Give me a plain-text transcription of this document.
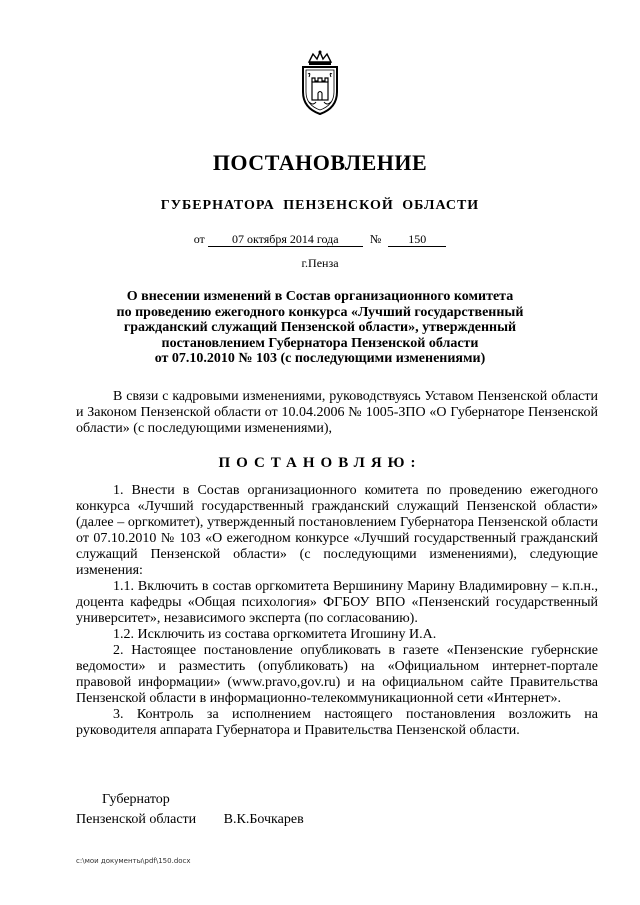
ПОСТАНОВЛЕНИЕ
ГУБЕРНАТОРА ПЕНЗЕНСКОЙ ОБЛАСТИ
от 07 октября 2014 года	№ 150
г.Пенза
О внесении изменений в Состав организационного комитета
по проведению ежегодного конкурса «Лучший государственный
гражданский служащий Пензенской области», утвержденный
постановлением Губернатора Пензенской области
от 07.10.2010 № 103 (с последующими изменениями)

В связи с кадровыми изменениями, руководствуясь Уставом Пензенской области и Законом Пензенской области от 10.04.2006 № 1005-ЗПО «О Губернаторе Пензенской области» (с последующими изменениями),

ПОСТАНОВЛЯЮ:

1. Внести в Состав организационного комитета по проведению ежегодного конкурса «Лучший государственный гражданский служащий Пензенской области» (далее – оргкомитет), утвержденный постановлением Губернатора Пензенской области от 07.10.2010 № 103 «О ежегодном конкурсе «Лучший государственный гражданский служащий Пензенской области» (с последующими изменениями), следующие изменения:

1.1. Включить в состав оргкомитета Вершинину Марину Владимировну – к.п.н., доцента кафедры «Общая психология» ФГБОУ ВПО «Пензенский государственный университет», независимого эксперта (по согласованию).

1.2. Исключить из состава оргкомитета Игошину И.А.

2. Настоящее постановление опубликовать в газете «Пензенские губернские ведомости» и разместить (опубликовать) на «Официальном интернет-портале правовой информации» (www.pravo,gov.ru) и на официальном сайте Правительства Пензенской области в информационно-телекоммуникационной сети «Интернет».

3. Контроль за исполнением настоящего постановления возложить на руководителя аппарата Губернатора и Правительства Пензенской области.

Губернатор
Пензенской области В.К.Бочкарев
c:\мои документы\pdf\150.docx
